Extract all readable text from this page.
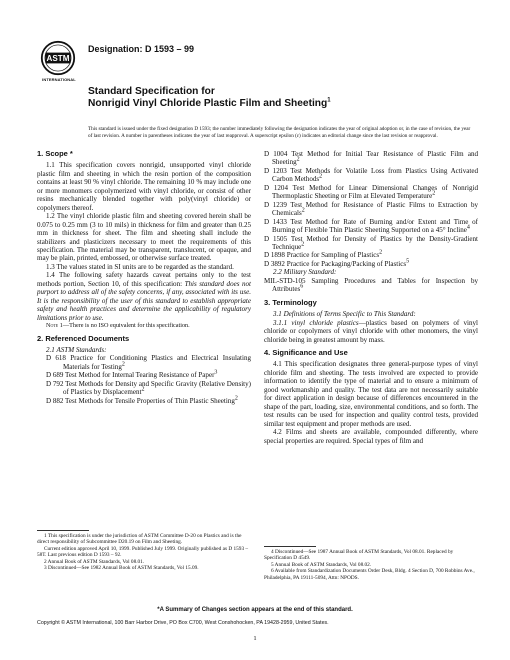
ASTM
INTERNATIONAL
Designation: D 1593 – 99
Standard Specification for
Nonrigid Vinyl Chloride Plastic Film and Sheeting$^1$
This standard is issued under the fixed designation D 1593; the number immediately following the designation indicates the year of original adoption or, in the case of revision, the year of last revision. A number in parentheses indicates the year of last reapproval. A superscript epsilon (ε) indicates an editorial change since the last revision or reapproval.
1. Scope *

1.1 This specification covers nonrigid, unsupported vinyl chloride plastic film and sheeting in which the resin portion of the composition contains at least 90 % vinyl chloride. The remaining 10 % may include one or more monomers copolymerized with vinyl chloride, or consist of other resins mechanically blended together with poly(vinyl chloride) or copolymers thereof.

1.2 The vinyl chloride plastic film and sheeting covered herein shall be 0.075 to 0.25 mm (3 to 10 mils) in thickness for film and greater than 0.25 mm in thickness for sheet. The film and sheeting shall include the stabilizers and plasticizers necessary to meet the requirements of this specification. The material may be transparent, translucent, or opaque, and may be plain, printed, embossed, or otherwise surface treated.

1.3 The values stated in SI units are to be regarded as the standard.

1.4 The following safety hazards caveat pertains only to the test methods portion, Section 10, of this specification: This standard does not purport to address all of the safety concerns, if any, associated with its use. It is the responsibility of the user of this standard to establish appropriate safety and health practices and determine the applicability of regulatory limitations prior to use.

Note 1—There is no ISO equivalent for this specification.

2. Referenced Documents

2.1 ASTM Standards:

D 618 Practice for Conditioning Plastics and Electrical Insulating Materials for Testing2
D 689 Test Method for Internal Tearing Resistance of Paper3
D 792 Test Methods for Density and Specific Gravity (Relative Density) of Plastics by Displacement2
D 882 Test Methods for Tensile Properties of Thin Plastic Sheeting2
D 1004 Test Method for Initial Tear Resistance of Plastic Film and Sheeting2
D 1203 Test Methods for Volatile Loss from Plastics Using Activated Carbon Methods2
D 1204 Test Method for Linear Dimensional Changes of Nonrigid Thermoplastic Sheeting or Film at Elevated Temperature2
D 1239 Test Method for Resistance of Plastic Films to Extraction by Chemicals2
D 1433 Test Method for Rate of Burning and/or Extent and Time of Burning of Flexible Thin Plastic Sheeting Supported on a 45° Incline4
D 1505 Test Method for Density of Plastics by the Density-Gradient Technique2
D 1898 Practice for Sampling of Plastics2
D 3892 Practice for Packaging/Packing of Plastics5

2.2 Military Standard:

MIL-STD-105 Sampling Procedures and Tables for Inspection by Attributes6
3. Terminology

3.1 Definitions of Terms Specific to This Standard:

3.1.1 vinyl chloride plastics—plastics based on polymers of vinyl chloride or copolymers of vinyl chloride with other monomers, the vinyl chloride being in greatest amount by mass.

4. Significance and Use

4.1 This specification designates three general-purpose types of vinyl chloride film and sheeting. The tests involved are expected to provide information to identify the type of material and to ensure a minimum of good workmanship and quality. The test data are not necessarily suitable for direct application in design because of differences encountered in the shape of the part, loading, size, environmental conditions, and so forth. The test results can be used for inspection and quality control tests, provided similar test equipment and proper methods are used.

4.2 Films and sheets are available, compounded differently, where special properties are required. Special types of film and

1 This specification is under the jurisdiction of ASTM Committee D-20 on Plastics and is the direct responsibility of Subcommittee D20.19 on Film and Sheeting.

Current edition approved April 10, 1999. Published July 1999. Originally published as D 1593 – 58T. Last previous edition D 1593 – 92.

2 Annual Book of ASTM Standards, Vol 08.01.

3 Discontinued—See 1982 Annual Book of ASTM Standards, Vol 15.09.

4 Discontinued—See 1987 Annual Book of ASTM Standards, Vol 08.01. Replaced by Specification D 4549.

5 Annual Book of ASTM Standards, Vol 08.02.

6 Available from Standardization Documents Order Desk, Bldg. 4 Section D, 700 Robbins Ave., Philadelphia, PA 19111-5094, Attn: NPODS.

*A Summary of Changes section appears at the end of this standard.
Copyright © ASTM International, 100 Barr Harbor Drive, PO Box C700, West Conshohocken, PA 19428-2959, United States.
1
